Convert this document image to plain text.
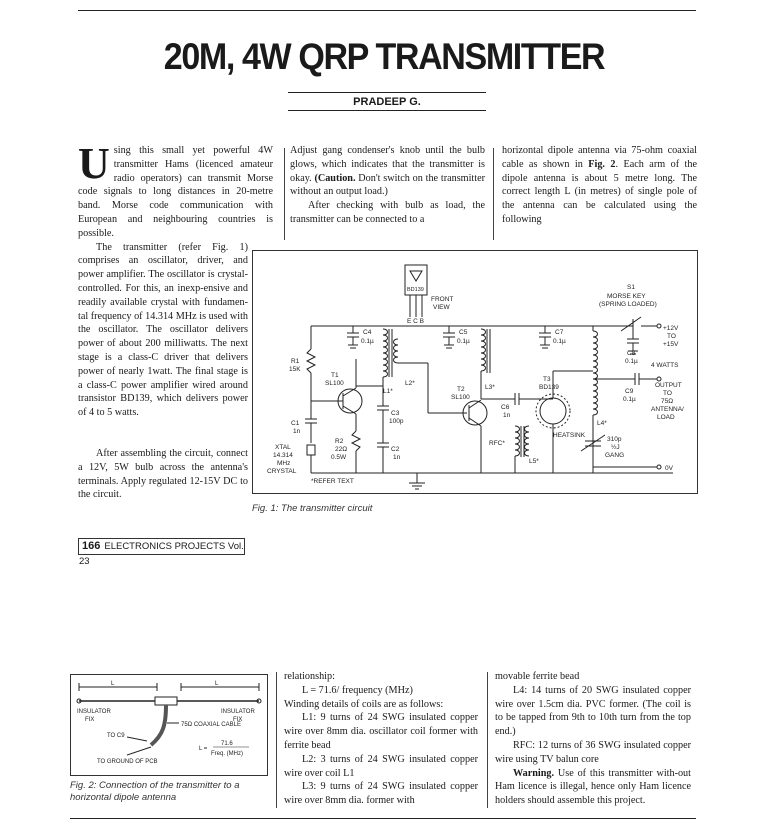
20M, 4W QRP TRANSMITTER
PRADEEP G.

Using this small yet powerful 4W transmitter Hams (licenced amateur radio operators) can transmit Morse code signals to long distances in 20-metre band. Morse code communication with European and neighbouring countries is possible.

The transmitter (refer Fig. 1) comprises an oscillator, driver, and power amplifier. The oscillator is crystal-controlled. For this, an inexp-ensive and readily available crystal with fundamen-tal frequency of 14.314 MHz is used with the oscillator. The oscillator delivers power of about 200 milliwatts. The next stage is a class-C driver that delivers power of nearly 1watt. The final stage is a class-C power amplifier wired around transistor BD139, which delivers power of 4 to 5 watts.

After assembling the circuit, connect a 12V, 5W bulb across the antenna's terminals. Apply regulated 12-15V DC to the circuit.

Adjust gang condenser's knob until the bulb glows, which indicates that the transmitter is okay. (Caution. Don't switch on the transmitter without an output load.)

After checking with bulb as load, the transmitter can be connected to a

horizontal dipole antenna via 75-ohm coaxial cable as shown in Fig. 2. Each arm of the dipole antenna is about 5 metre long. The correct length L (in metres) of single pole of the antenna can be calculated using the following

BD139
FRONT
VIEW
E C B
S1
MORSE KEY
(SPRING LOADED)
C4
0.1µ
C5
0.1µ
C7
0.1µ
C8
0.1µ
+12V
TO
+15V
R1
15K
T1
SL100
L1*
L2*
C3
100p
C1
1n
R2
22Ω
0.5W
C2
1n
XTAL
14.314
MHz
CRYSTAL
*REFER TEXT
T2
SL100
L3*
C6
1n
RFC*
L5*
T3
BD139
HEATSINK
L4*
C9
0.1µ
4 WATTS
OUTPUT
TO
75Ω
ANTENNA/
LOAD
310p
½J
GANG
0V
Fig. 1: The transmitter circuit
166 ELECTRONICS PROJECTS Vol. 23
L	L
INSULATOR
FIX
INSULATOR
FIX
75Ω COAXIAL CABLE
TO C9
TO GROUND OF PCB
L =
71.6
Freq. (MHz)
Fig. 2: Connection of the transmitter to a
horizontal dipole antenna

relationship:

L = 71.6/ frequency (MHz)

Winding details of coils are as follows:

L1: 9 turns of 24 SWG insulated copper wire over 8mm dia. oscillator coil former with ferrite bead

L2: 3 turns of 24 SWG insulated copper wire over coil L1

L3: 9 turns of 24 SWG insulated copper wire over 8mm dia. former with

movable ferrite bead

L4: 14 turns of 20 SWG insulated copper wire over 1.5cm dia. PVC former. (The coil is to be tapped from 9th to 10th turn from the top end.)

RFC: 12 turns of 36 SWG insulated copper wire using TV balun core

Warning. Use of this transmitter with-out Ham licence is illegal, hence only Ham licence holders should assemble this project.
